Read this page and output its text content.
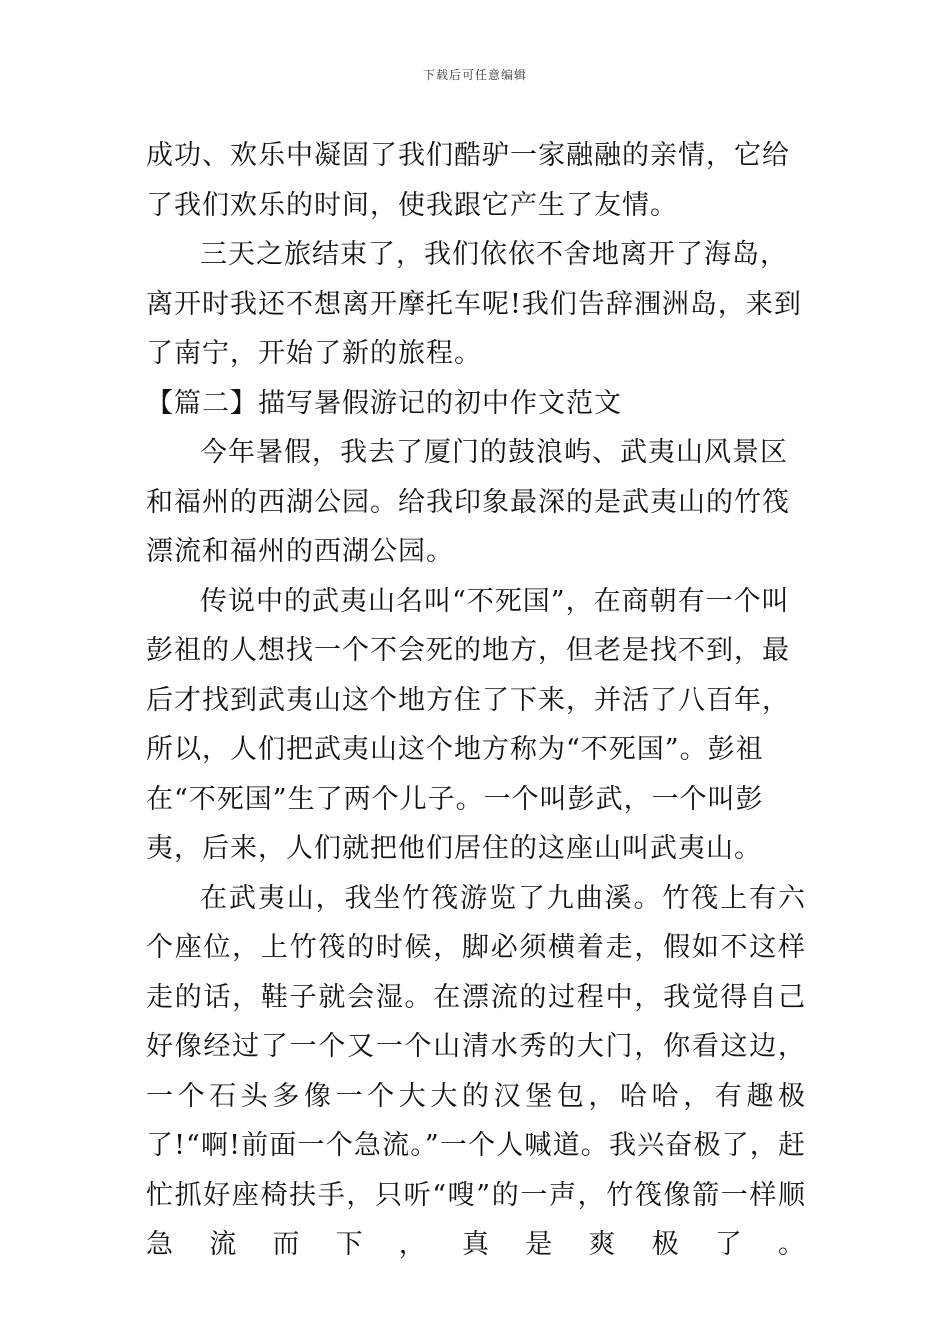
下载后可任意编辑

成功、欢乐中凝固了我们酷驴一家融融的亲情，它给了我们欢乐的时间，使我跟它产生了友情。

三天之旅结束了，我们依依不舍地离开了海岛，离开时我还不想离开摩托车呢!我们告辞涠洲岛，来到了南宁，开始了新的旅程。

【篇二】描写暑假游记的初中作文范文

今年暑假，我去了厦门的鼓浪屿、武夷山风景区和福州的西湖公园。给我印象最深的是武夷山的竹筏漂流和福州的西湖公园。

传说中的武夷山名叫“不死国”，在商朝有一个叫彭祖的人想找一个不会死的地方，但老是找不到，最后才找到武夷山这个地方住了下来，并活了八百年，所以，人们把武夷山这个地方称为“不死国”。彭祖在“不死国”生了两个儿子。一个叫彭武，一个叫彭夷，后来，人们就把他们居住的这座山叫武夷山。

在武夷山，我坐竹筏游览了九曲溪。竹筏上有六个座位，上竹筏的时候，脚必须横着走，假如不这样走的话，鞋子就会湿。在漂流的过程中，我觉得自己好像经过了一个又一个山清水秀的大门，你看这边，一个石头多像一个大大的汉堡包，哈哈，有趣极了!“啊!前面一个急流。”一个人喊道。我兴奋极了，赶忙抓好座椅扶手，只听“嗖”的一声，竹筏像箭一样顺急流而下，真是爽极了。
